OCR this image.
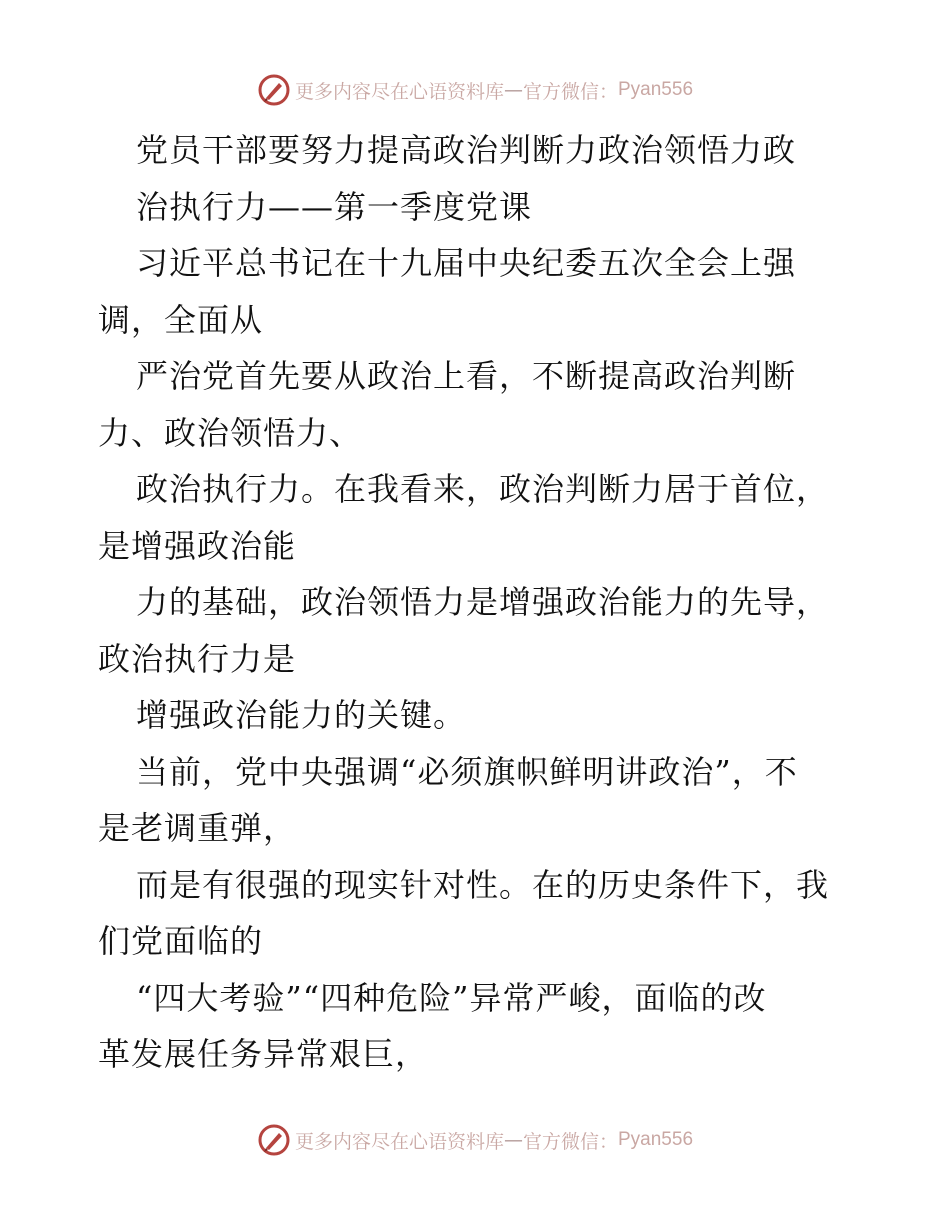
更多内容尽在心语资料库 — 官方微信： Pyan556
党员干部要努力提高政治判断力政治领悟力政
治执行力——第一季度党课
习近平总书记在十九届中央纪委五次全会上强
调，全面从
严治党首先要从政治上看，不断提高政治判断
力、政治领悟力、
政治执行力。在我看来，政治判断力居于首位，
是增强政治能
力的基础，政治领悟力是增强政治能力的先导，
政治执行力是
增强政治能力的关键。
当前，党中央强调“必须旗帜鲜明讲政治”，不
是老调重弹，
而是有很强的现实针对性。在的历史条件下，我
们党面临的
“四大考验”“四种危险”异常严峻，面临的改
革发展任务异常艰巨，
更多内容尽在心语资料库 — 官方微信： Pyan556
